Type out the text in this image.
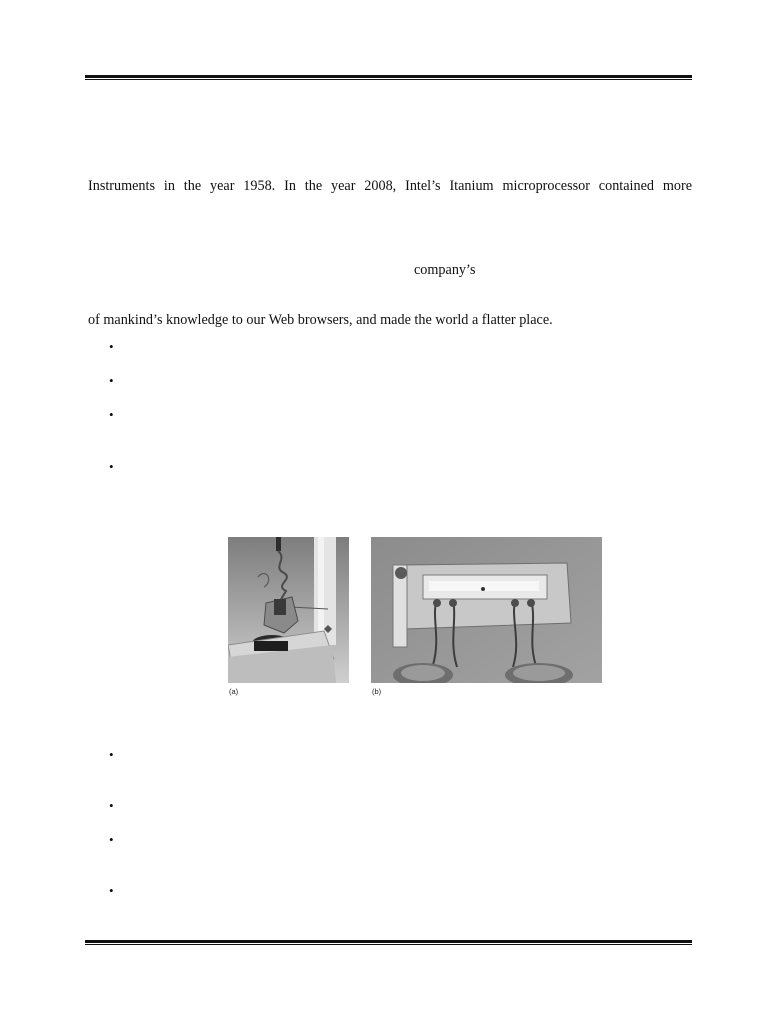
Instruments in the year 1958. In the year 2008, Intel’s Itanium microprocessor contained more
company’s
of mankind’s knowledge to our Web browsers, and made the world a flatter place.
•
•
•
•
(a)	(b)
•
•
•
•
